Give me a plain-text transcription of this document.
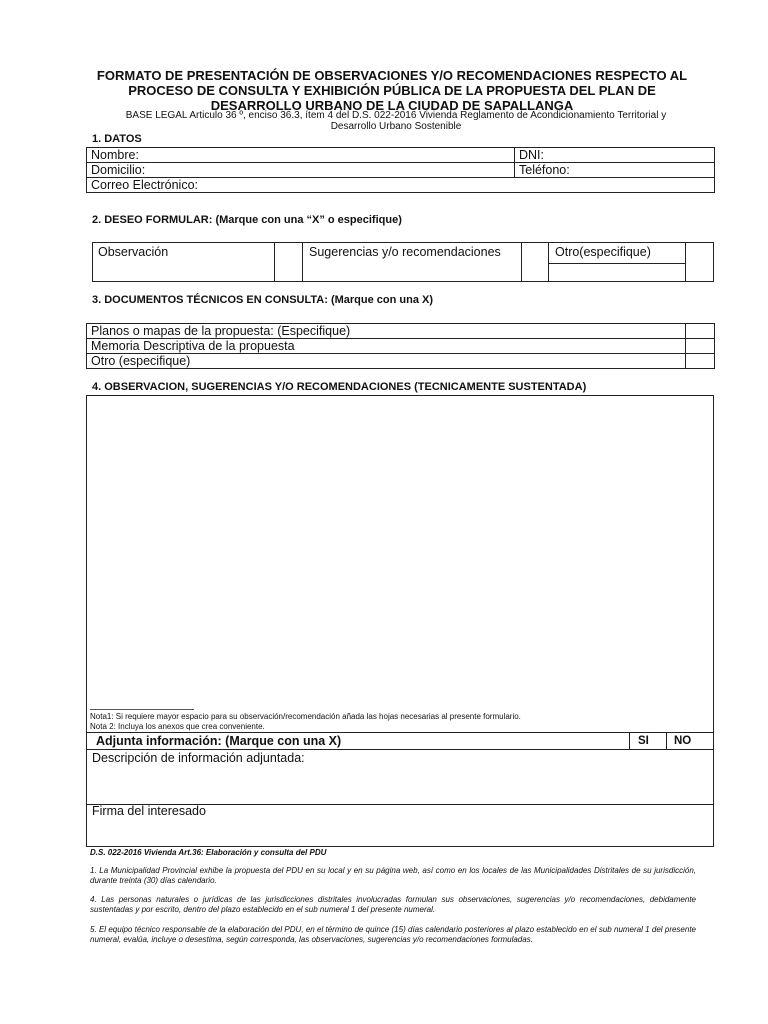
FORMATO DE PRESENTACIÓN DE OBSERVACIONES Y/O RECOMENDACIONES RESPECTO AL
PROCESO DE CONSULTA Y EXHIBICIÓN PÚBLICA DE LA PROPUESTA DEL PLAN DE
DESARROLLO URBANO DE LA CIUDAD DE SAPALLANGA
BASE LEGAL Articulo 36 º, enciso 36.3, ítem 4 del D.S. 022-2016 Vivienda Reglamento de Acondicionamiento Territorial y
Desarrollo Urbano Sostenible
1. DATOS
Nombre:	DNI:
Domicilio:	Teléfono:
Correo Electrónico:	
2. DESEO FORMULAR: (Marque con una “X” o especifique)
Observación	Sugerencias y/o recomendaciones	Otro(especifique)
3. DOCUMENTOS TÉCNICOS EN CONSULTA: (Marque con una X)
Planos o mapas de la propuesta: (Especifique)	
Memoria Descriptiva de la propuesta	
Otro (especifique)	
4. OBSERVACION, SUGERENCIAS Y/O RECOMENDACIONES (TECNICAMENTE SUSTENTADA)
Nota1: Si requiere mayor espacio para su observación/recomendación añada las hojas necesarias al presente formulario.
Nota 2: Incluya los anexos que crea conveniente.
Adjunta información: (Marque con una X)	SI NO
Descripción de información adjuntada:
Firma del interesado
D.S. 022-2016 Vivienda Art.36: Elaboración y consulta del PDU
1. La Municipalidad Provincial exhibe la propuesta del PDU en su local y en su página web, así como en los locales de las Municipalidades Distritales de su jurisdicción, durante treinta (30) días calendario.
4. Las personas naturales o jurídicas de las jurisdicciones distritales involucradas formulan sus observaciones, sugerencias y/o recomendaciones, debidamente sustentadas y por escrito, dentro del plazo establecido en el sub numeral 1 del presente numeral.
5. El equipo técnico responsable de la elaboración del PDU, en el término de quince (15) días calendario posteriores al plazo establecido en el sub numeral 1 del presente numeral, evalúa, incluye o desestima, según corresponda, las observaciones, sugerencias y/o recomendaciones formuladas.
